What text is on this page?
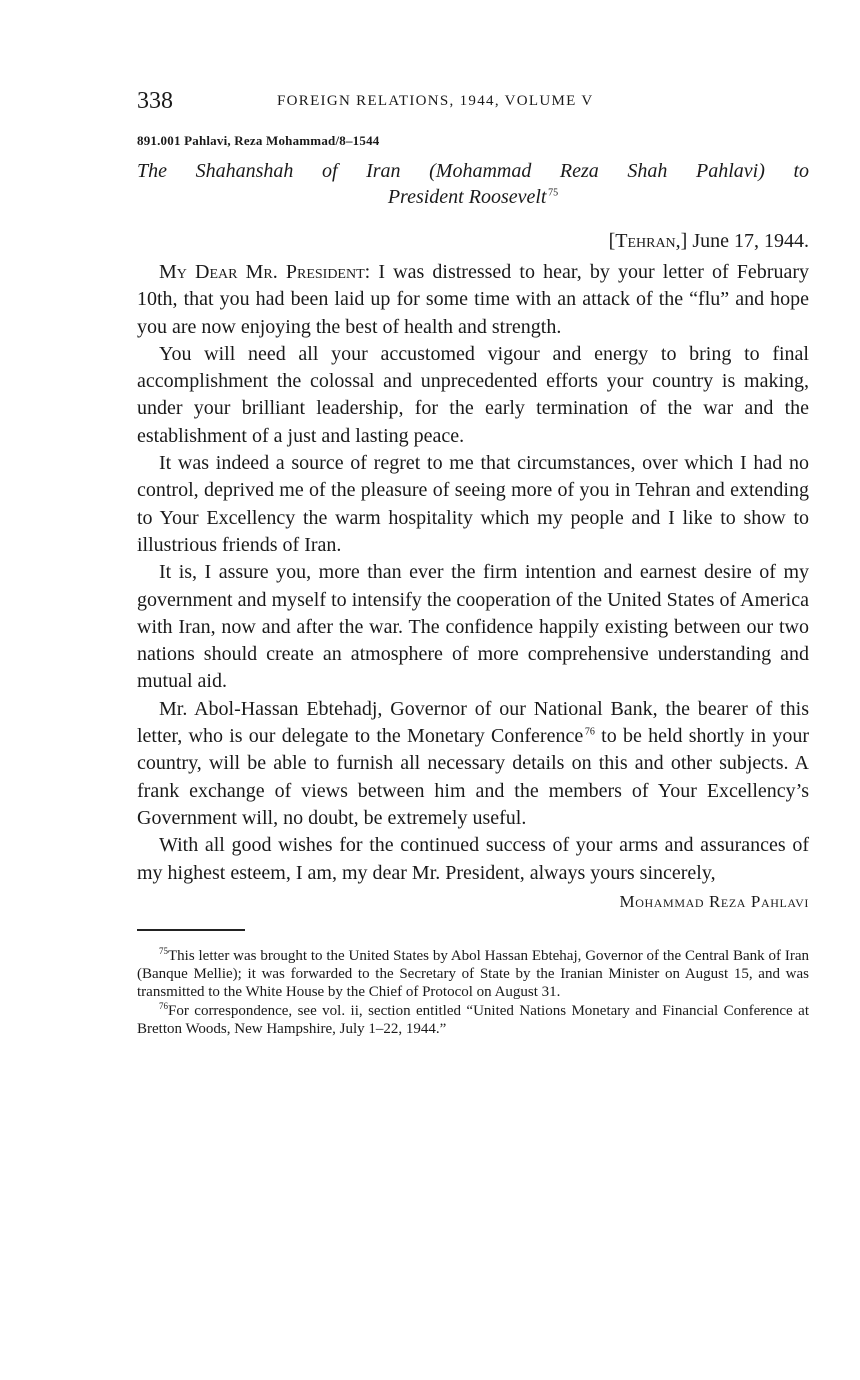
338	FOREIGN RELATIONS, 1944, VOLUME V
891.001 Pahlavi, Reza Mohammad/8–1544
The Shahanshah of Iran (Mohammad Reza Shah Pahlavi) to
President Roosevelt  $^{75}$
[Tehran,] June 17, 1944.

My Dear Mr. President: I was distressed to hear, by your letter of February 10th, that you had been laid up for some time with an attack of the “flu” and hope you are now enjoying the best of health and strength.

You will need all your accustomed vigour and energy to bring to final accomplishment the colossal and unprecedented efforts your country is making, under your brilliant leadership, for the early termination of the war and the establishment of a just and lasting peace.

It was indeed a source of regret to me that circumstances, over which I had no control, deprived me of the pleasure of seeing more of you in Tehran and extending to Your Excellency the warm hospitality which my people and I like to show to illustrious friends of Iran.

It is, I assure you, more than ever the firm intention and earnest desire of my government and myself to intensify the cooperation of the United States of America with Iran, now and after the war. The confidence happily existing between our two nations should create an atmosphere of more comprehensive understanding and mutual aid.

Mr. Abol-Hassan Ebtehadj, Governor of our National Bank, the bearer of this letter, who is our delegate to the Monetary Conference  $^{76}$ to be held shortly in your country, will be able to furnish all necessary details on this and other subjects. A frank exchange of views between him and the members of Your Excellency’s Government will, no doubt, be extremely useful.

With all good wishes for the continued success of your arms and assurances of my highest esteem, I am, my dear Mr. President, always yours sincerely,

Mohammad Reza Pahlavi

$^{75}$This letter was brought to the United States by Abol Hassan Ebtehaj, Governor of the Central Bank of Iran (Banque Mellie); it was forwarded to the Secretary of State by the Iranian Minister on August 15, and was transmitted to the White House by the Chief of Protocol on August 31.

$^{76}$For correspondence, see vol. ii, section entitled “United Nations Monetary and Financial Conference at Bretton Woods, New Hampshire, July 1–22, 1944.”
